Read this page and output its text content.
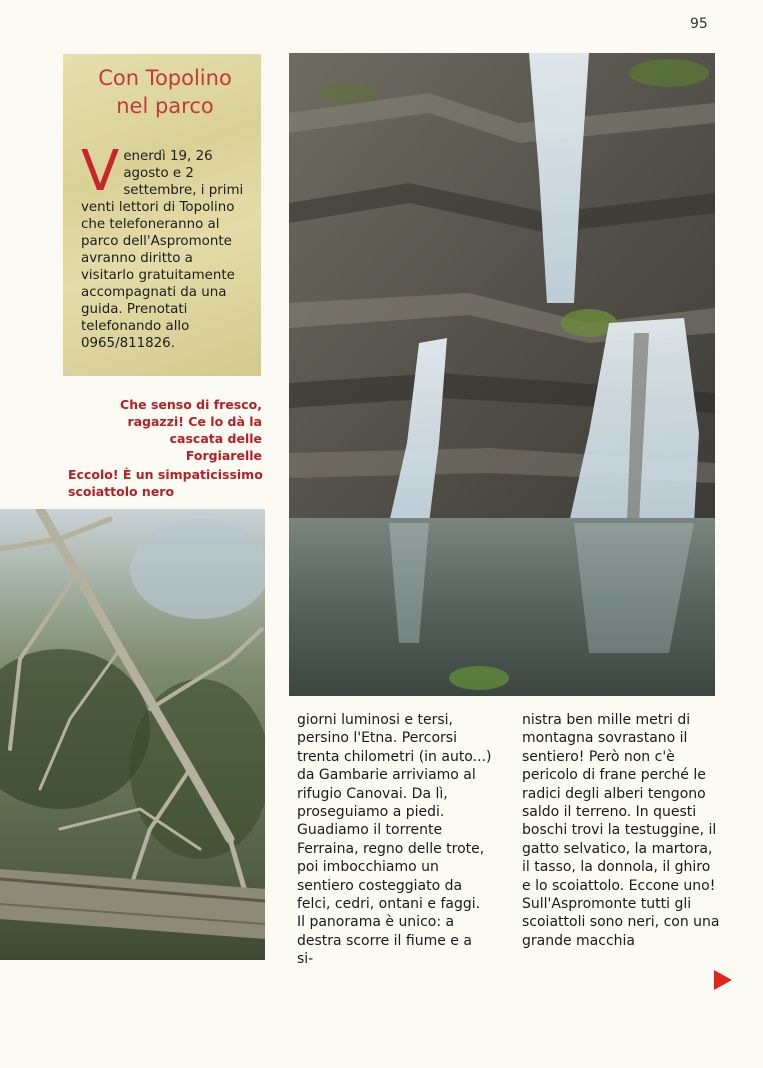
95
Con Topolino
nel parco
V enerdì 19, 26 agosto e 2 settembre, i primi venti lettori di Topolino che telefoneranno al parco dell'Aspromonte avranno diritto a visitarlo gratuitamente accompagnati da una guida. Prenotati telefonando allo 0965/811826.
Che senso di fresco, ragazzi! Ce lo dà la cascata delle Forgiarelle
Eccolo! È un simpaticissimo scoiattolo nero

giorni luminosi e tersi, persino l'Etna. Percorsi trenta chilometri (in auto...) da Gambarie arriviamo al rifugio Canovai. Da lì, proseguiamo a piedi. Guadiamo il torrente Ferraina, regno delle trote, poi imbocchiamo un sentiero costeggiato da felci, cedri, ontani e faggi. Il panorama è unico: a destra scorre il fiume e a si-

nistra ben mille metri di montagna sovrastano il sentiero! Però non c'è pericolo di frane perché le radici degli alberi tengono saldo il terreno. In questi boschi trovi la testuggine, il gatto selvatico, la martora, il tasso, la donnola, il ghiro e lo scoiattolo. Eccone uno! Sull'Aspromonte tutti gli scoiattoli sono neri, con una grande macchia
